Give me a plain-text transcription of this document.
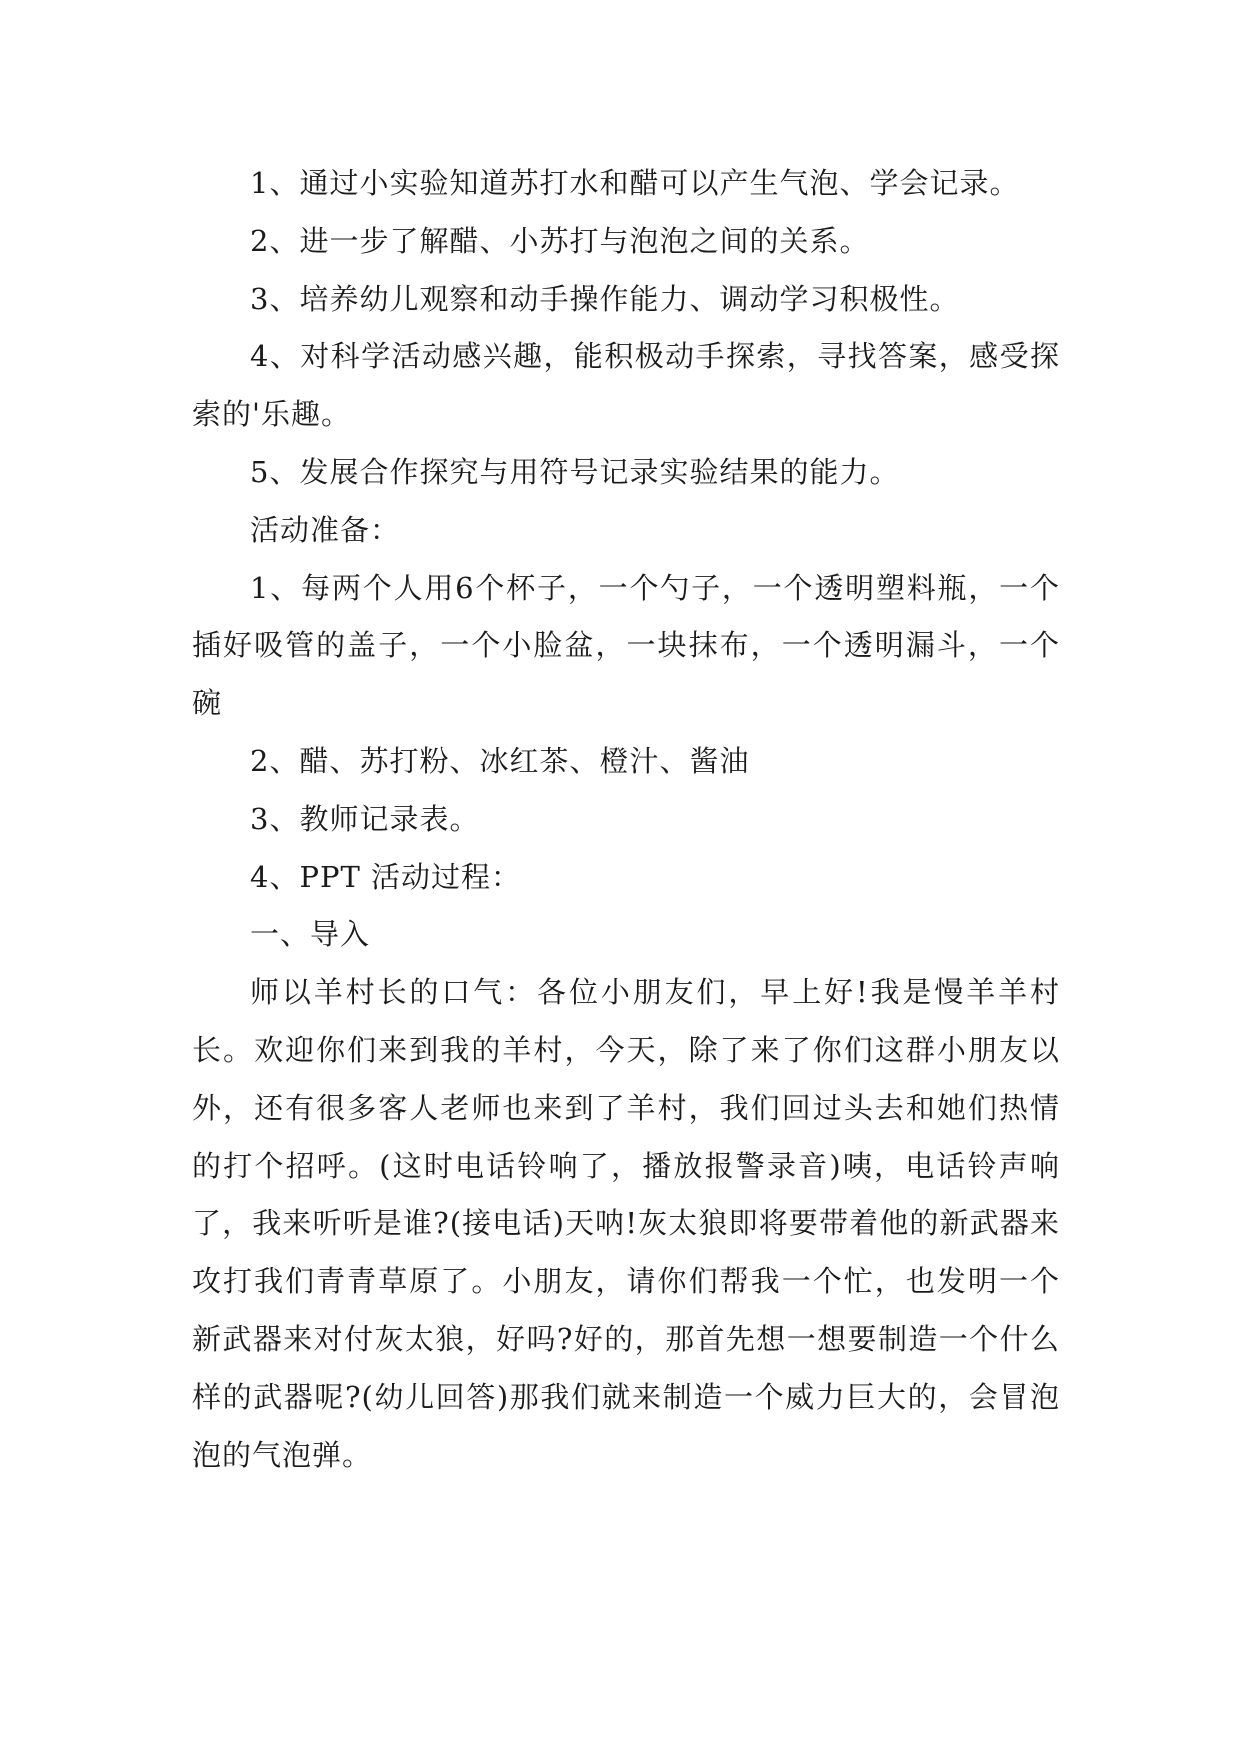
1、通过小实验知道苏打水和醋可以产生气泡、学会记录。

2、进一步了解醋、小苏打与泡泡之间的关系。

3、培养幼儿观察和动手操作能力、调动学习积极性。

4、对科学活动感兴趣，能积极动手探索，寻找答案，感受探索的'乐趣。

5、发展合作探究与用符号记录实验结果的能力。

活动准备：

1、每两个人用6个杯子，一个勺子，一个透明塑料瓶，一个插好吸管的盖子，一个小脸盆，一块抹布，一个透明漏斗，一个碗

2、醋、苏打粉、冰红茶、橙汁、酱油

3、教师记录表。

4、PPT 活动过程：

一、导入

师以羊村长的口气：各位小朋友们，早上好!我是慢羊羊村长。欢迎你们来到我的羊村，今天，除了来了你们这群小朋友以外，还有很多客人老师也来到了羊村，我们回过头去和她们热情的打个招呼。(这时电话铃响了，播放报警录音)咦，电话铃声响了，我来听听是谁?(接电话)天呐!灰太狼即将要带着他的新武器来攻打我们青青草原了。小朋友，请你们帮我一个忙，也发明一个新武器来对付灰太狼，好吗?好的，那首先想一想要制造一个什么样的武器呢?(幼儿回答)那我们就来制造一个威力巨大的，会冒泡泡的气泡弹。
